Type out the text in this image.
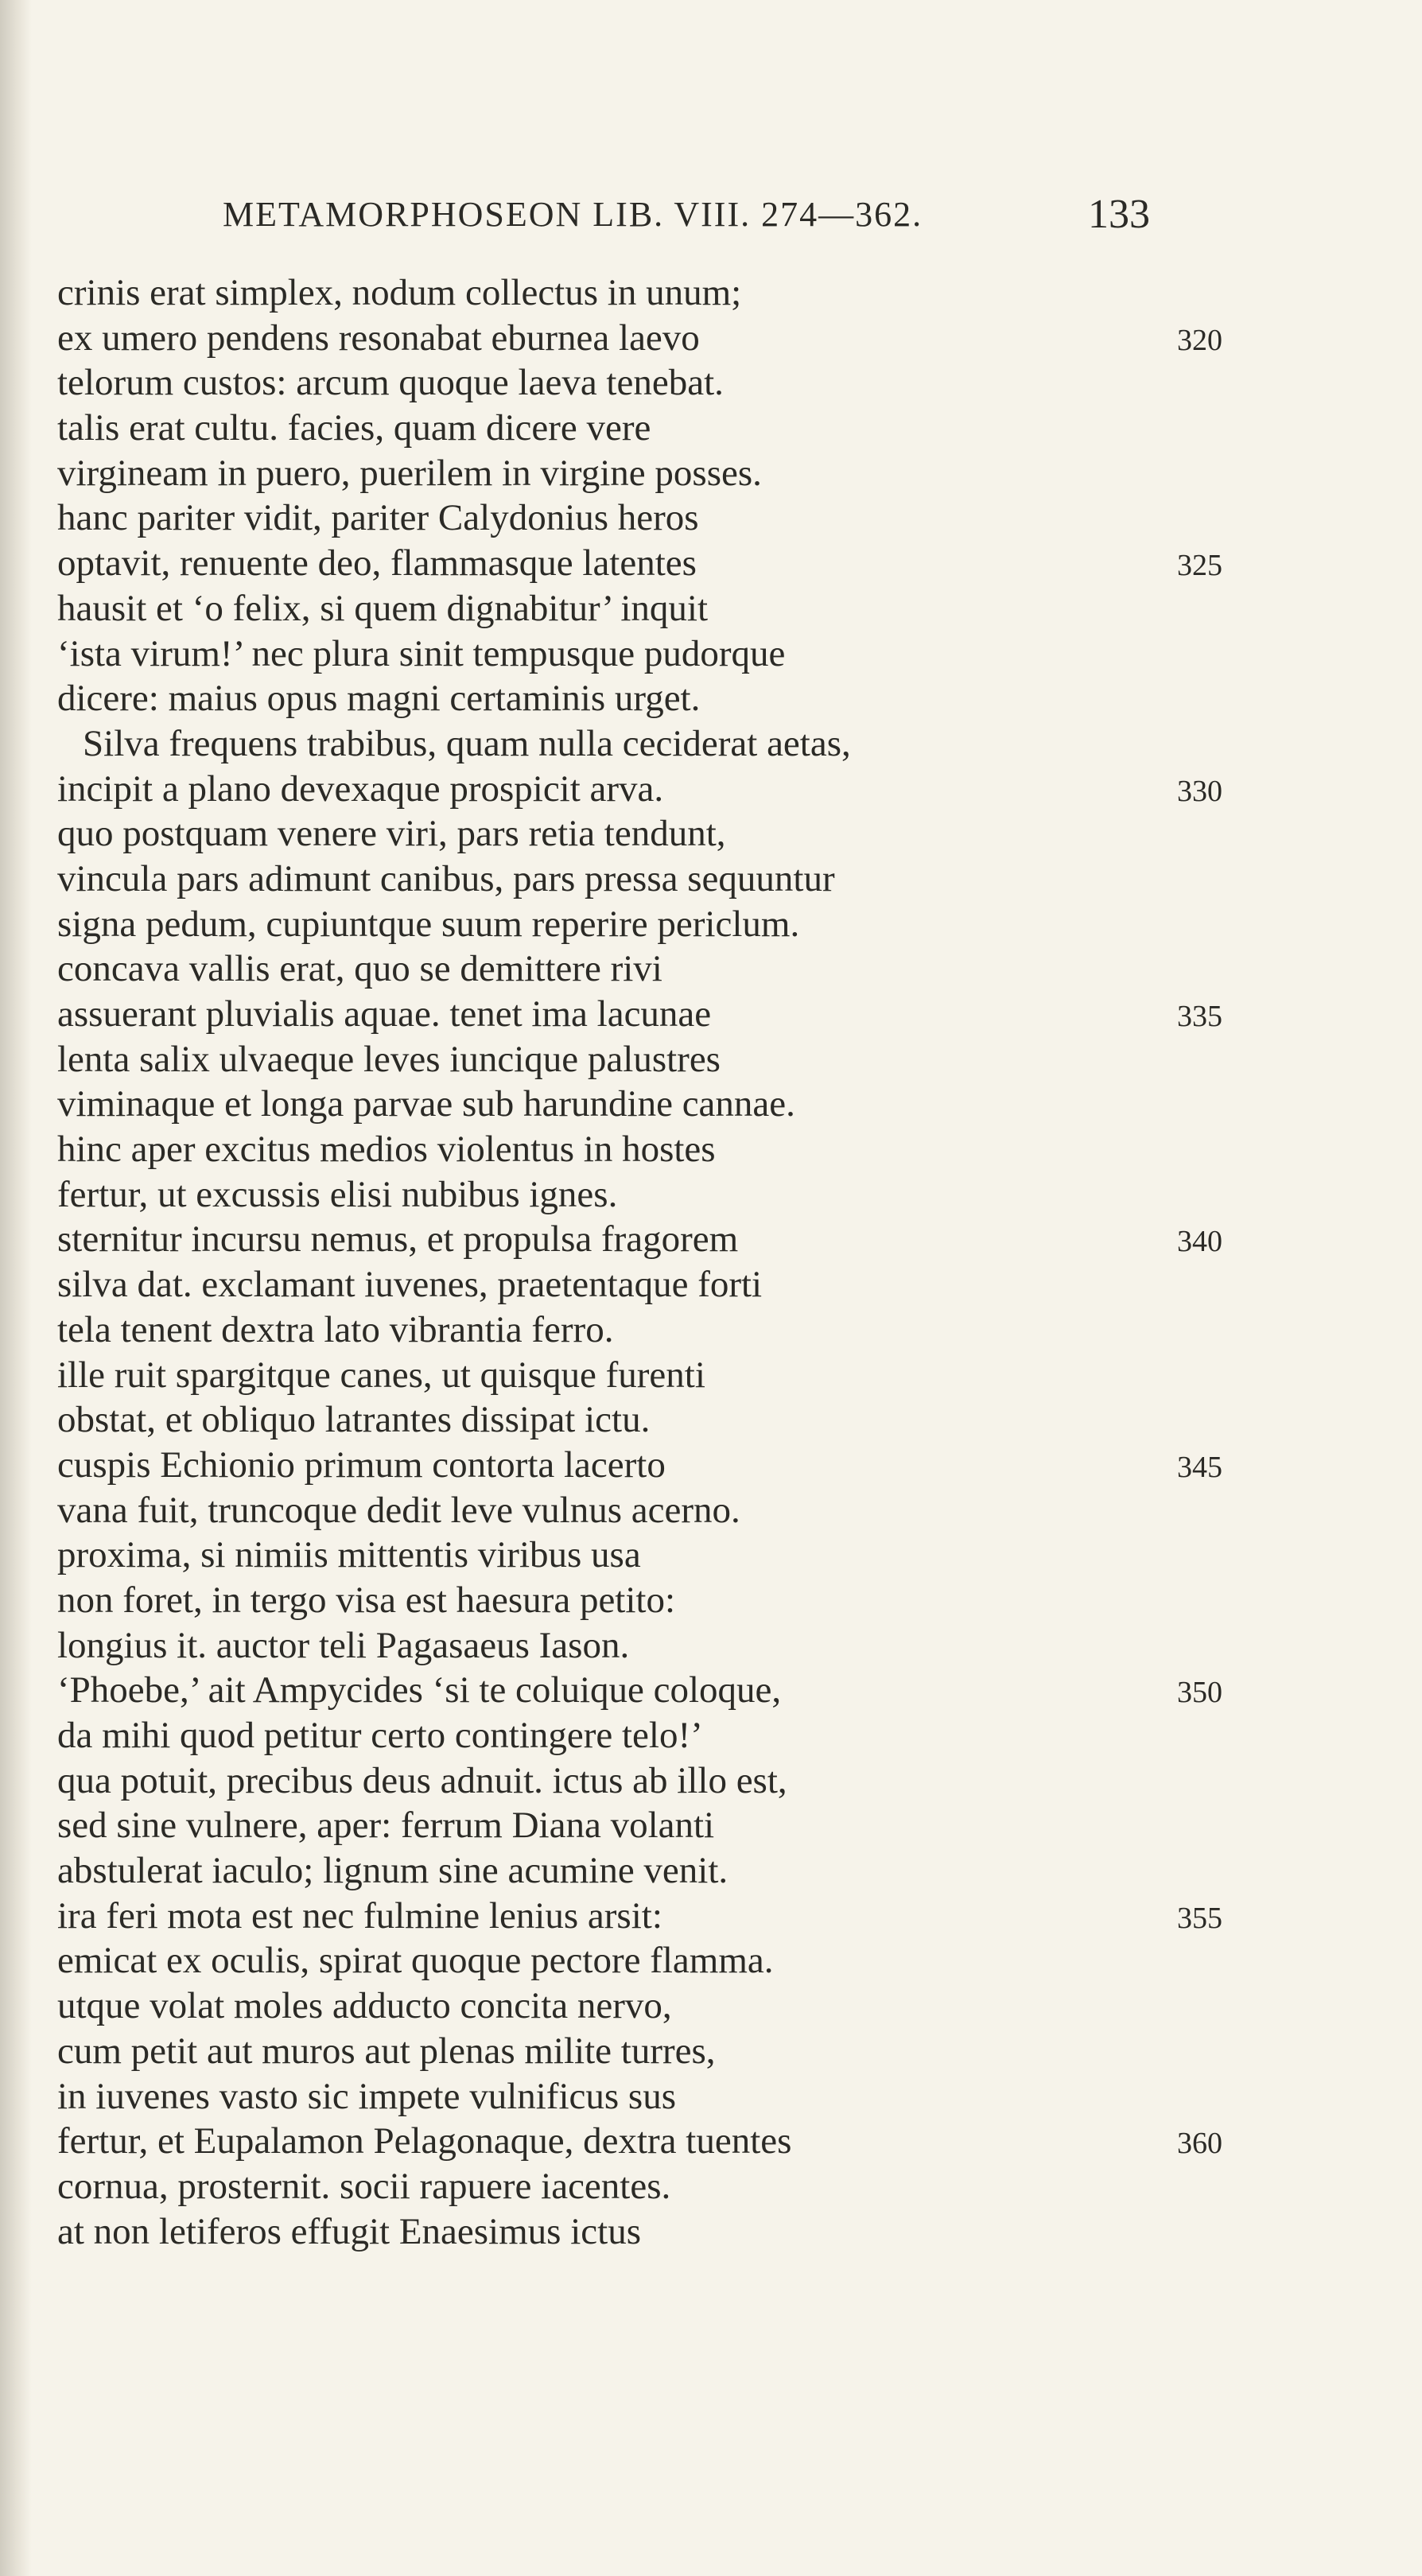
METAMORPHOSEON LIB. VIII. 274—362.	133
crinis erat simplex, nodum collectus in unum;
ex umero pendens resonabat eburnea laevo	320
telorum custos: arcum quoque laeva tenebat.
talis erat cultu. facies, quam dicere vere
virgineam in puero, puerilem in virgine posses.
hanc pariter vidit, pariter Calydonius heros
optavit, renuente deo, flammasque latentes	325
hausit et ‘o felix, si quem dignabitur’ inquit
‘ista virum!’ nec plura sinit tempusque pudorque
dicere: maius opus magni certaminis urget.
Silva frequens trabibus, quam nulla ceciderat aetas,
incipit a plano devexaque prospicit arva.	330
quo postquam venere viri, pars retia tendunt,
vincula pars adimunt canibus, pars pressa sequuntur
signa pedum, cupiuntque suum reperire periclum.
concava vallis erat, quo se demittere rivi
assuerant pluvialis aquae. tenet ima lacunae	335
lenta salix ulvaeque leves iuncique palustres
viminaque et longa parvae sub harundine cannae.
hinc aper excitus medios violentus in hostes
fertur, ut excussis elisi nubibus ignes.
sternitur incursu nemus, et propulsa fragorem	340
silva dat. exclamant iuvenes, praetentaque forti
tela tenent dextra lato vibrantia ferro.
ille ruit spargitque canes, ut quisque furenti
obstat, et obliquo latrantes dissipat ictu.
cuspis Echionio primum contorta lacerto	345
vana fuit, truncoque dedit leve vulnus acerno.
proxima, si nimiis mittentis viribus usa
non foret, in tergo visa est haesura petito:
longius it. auctor teli Pagasaeus Iason.
‘Phoebe,’ ait Ampycides ‘si te coluique coloque,	350
da mihi quod petitur certo contingere telo!’
qua potuit, precibus deus adnuit. ictus ab illo est,
sed sine vulnere, aper: ferrum Diana volanti
abstulerat iaculo; lignum sine acumine venit.
ira feri mota est nec fulmine lenius arsit:	355
emicat ex oculis, spirat quoque pectore flamma.
utque volat moles adducto concita nervo,
cum petit aut muros aut plenas milite turres,
in iuvenes vasto sic impete vulnificus sus
fertur, et Eupalamon Pelagonaque, dextra tuentes	360
cornua, prosternit. socii rapuere iacentes.
at non letiferos effugit Enaesimus ictus
